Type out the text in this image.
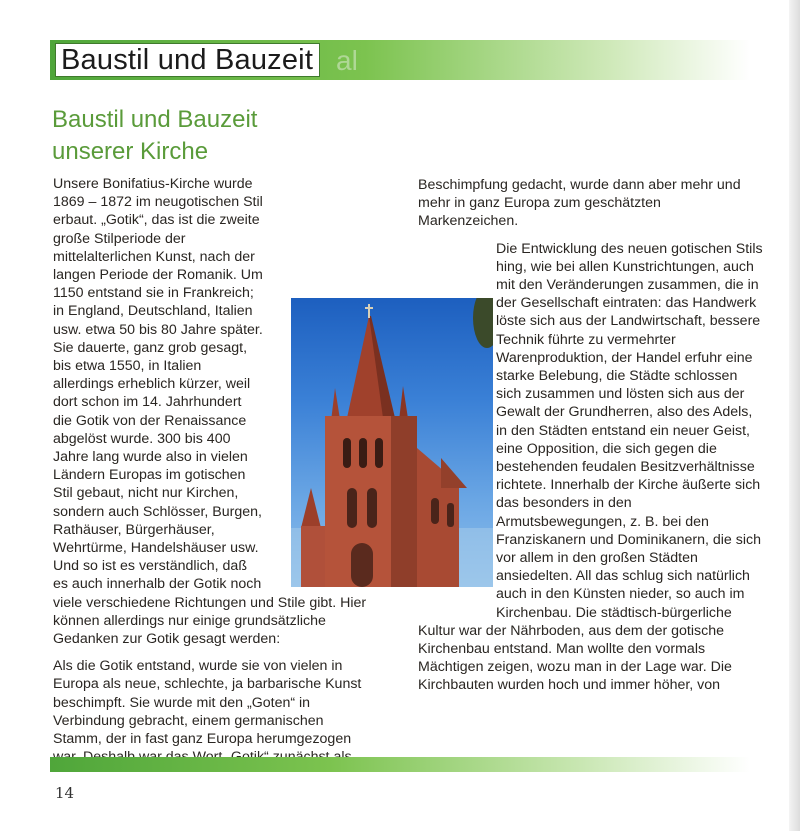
Baustil und Bauzeit al
Baustil und Bauzeit
unserer Kirche

Unsere Bonifatius-Kirche wurde 1869 – 1872 im neugotischen Stil erbaut. „Gotik“, das ist die zweite große Stilperiode der mittelalterlichen Kunst, nach der langen Periode der Romanik. Um 1150 entstand sie in Frankreich; in England, Deutschland, Italien usw. etwa 50 bis 80 Jahre später. Sie dauerte, ganz grob gesagt, bis etwa 1550, in Italien allerdings erheblich kürzer, weil dort schon im 14. Jahrhundert die Gotik von der Renaissance abgelöst wurde. 300 bis 400 Jahre lang wurde also in vielen Ländern Europas im gotischen Stil gebaut, nicht nur Kirchen, sondern auch Schlösser, Burgen, Rathäuser, Bürgerhäuser, Wehrtürme, Handelshäuser usw. Und so ist es verständlich, daß es auch innerhalb der Gotik noch viele verschiedene Richtungen und Stile gibt. Hier können allerdings nur einige grundsätzliche Gedanken zur Gotik gesagt werden:

Als die Gotik entstand, wurde sie von vielen in Europa als neue, schlechte, ja barbarische Kunst beschimpft. Sie wurde mit den „Goten“ in Verbindung gebracht, einem germanischen Stamm, der in fast ganz Europa herumgezogen

Beschimpfung gedacht, wurde dann aber mehr und mehr in ganz Europa zum geschätzten Markenzeichen.

Die Entwicklung des neuen gotischen Stils hing, wie bei allen Kunstrichtungen, auch mit den Veränderungen zusammen, die in der Gesellschaft eintraten: das Handwerk löste sich aus der Landwirtschaft, bessere Technik führte zu vermehrter Warenproduktion, der Handel erfuhr eine starke Belebung, die Städte schlossen sich zusammen und lösten sich aus der Gewalt der Grundherren, also des Adels, in den Städten entstand ein neuer Geist, eine Opposition, die sich gegen die bestehenden feudalen Besitzverhältnisse richtete. Innerhalb der Kirche äußerte sich das besonders in den Armutsbewegungen, z. B. bei den Franziskanern und Dominikanern, die sich vor allem in den großen Städten ansiedelten. All das schlug sich natürlich auch in den Künsten nieder, so auch im Kirchenbau. Die städtisch-bürgerliche Kultur war der Nährboden, aus dem der gotische Kirchenbau entstand. Man wollte den vormals Mächtigen zeigen, wozu man in der Lage war. Die Kirchbauten wurden hoch und immer höher, von

14
